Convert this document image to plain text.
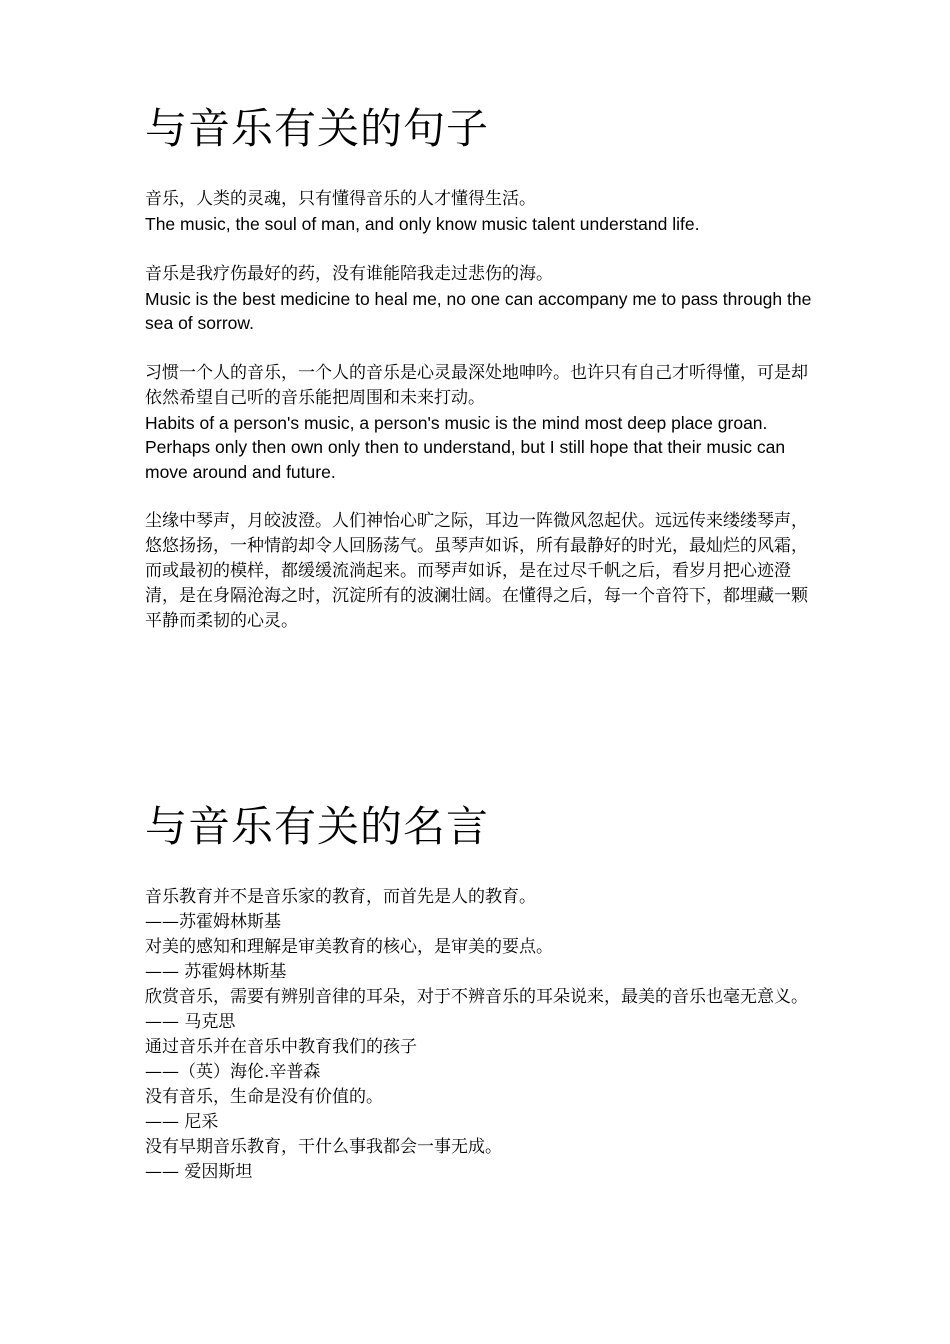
与音乐有关的句子

音乐，人类的灵魂，只有懂得音乐的人才懂得生活。

The music, the soul of man, and only know music talent understand life.

音乐是我疗伤最好的药，没有谁能陪我走过悲伤的海。

Music is the best medicine to heal me, no one can accompany me to pass through the sea of sorrow.

习惯一个人的音乐，一个人的音乐是心灵最深处地呻吟。也许只有自己才听得懂，可是却依然希望自己听的音乐能把周围和未来打动。

Habits of a person's music, a person's music is the mind most deep place groan. Perhaps only then own only then to understand, but I still hope that their music can move around and future.

尘缘中琴声，月皎波澄。人们神怡心旷之际，耳边一阵微风忽起伏。远远传来缕缕琴声，悠悠扬扬，一种情韵却令人回肠荡气。虽琴声如诉，所有最静好的时光，最灿烂的风霜，而或最初的模样，都缓缓流淌起来。而琴声如诉，是在过尽千帆之后，看岁月把心迹澄清，是在身隔沧海之时，沉淀所有的波澜壮阔。在懂得之后，每一个音符下，都埋藏一颗平静而柔韧的心灵。

与音乐有关的名言

音乐教育并不是音乐家的教育，而首先是人的教育。

——苏霍姆林斯基

对美的感知和理解是审美教育的核心，是审美的要点。

—— 苏霍姆林斯基

欣赏音乐，需要有辨别音律的耳朵，对于不辨音乐的耳朵说来，最美的音乐也毫无意义。

—— 马克思

通过音乐并在音乐中教育我们的孩子

——（英）海伦.辛普森

没有音乐，生命是没有价值的。

—— 尼采

没有早期音乐教育，干什么事我都会一事无成。

—— 爱因斯坦
